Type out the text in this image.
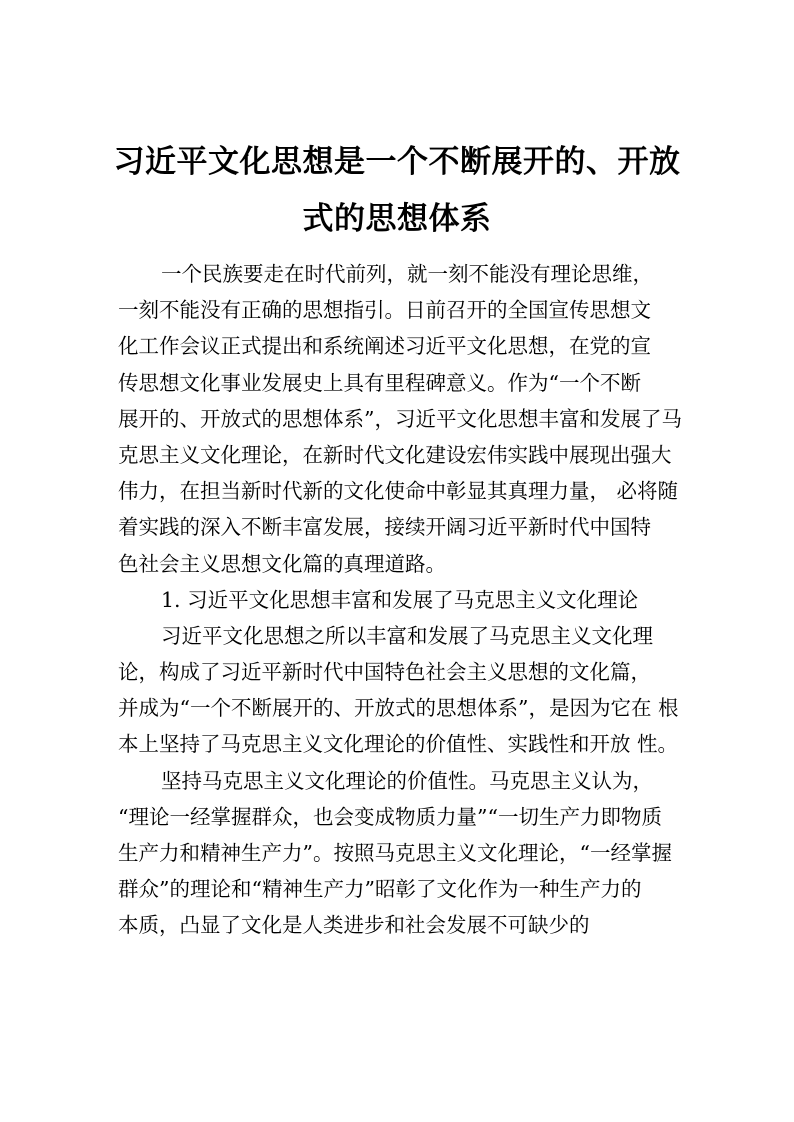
习近平文化思想是一个不断展开的、开放
式的思想体系
一个民族要走在时代前列，就一刻不能没有理论思维，
一刻不能没有正确的思想指引。日前召开的全国宣传思想文
化工作会议正式提出和系统阐述习近平文化思想，在党的宣
传思想文化事业发展史上具有里程碑意义。作为“一个不断
展开的、开放式的思想体系”，习近平文化思想丰富和发展了马
克思主义文化理论，在新时代文化建设宏伟实践中展现出强大
伟力，在担当新时代新的文化使命中彰显其真理力量， 必将随
着实践的深入不断丰富发展，接续开阔习近平新时代中国特
色社会主义思想文化篇的真理道路。
1. 习近平文化思想丰富和发展了马克思主义文化理论
习近平文化思想之所以丰富和发展了马克思主义文化理
论，构成了习近平新时代中国特色社会主义思想的文化篇，
并成为“一个不断展开的、开放式的思想体系”，是因为它在 根
本上坚持了马克思主义文化理论的价值性、实践性和开放 性。
坚持马克思主义文化理论的价值性。马克思主义认为，
“理论一经掌握群众，也会变成物质力量”“一切生产力即物质
生产力和精神生产力”。按照马克思主义文化理论，“一经掌握
群众”的理论和“精神生产力”昭彰了文化作为一种生产力的
本质，凸显了文化是人类进步和社会发展不可缺少的
